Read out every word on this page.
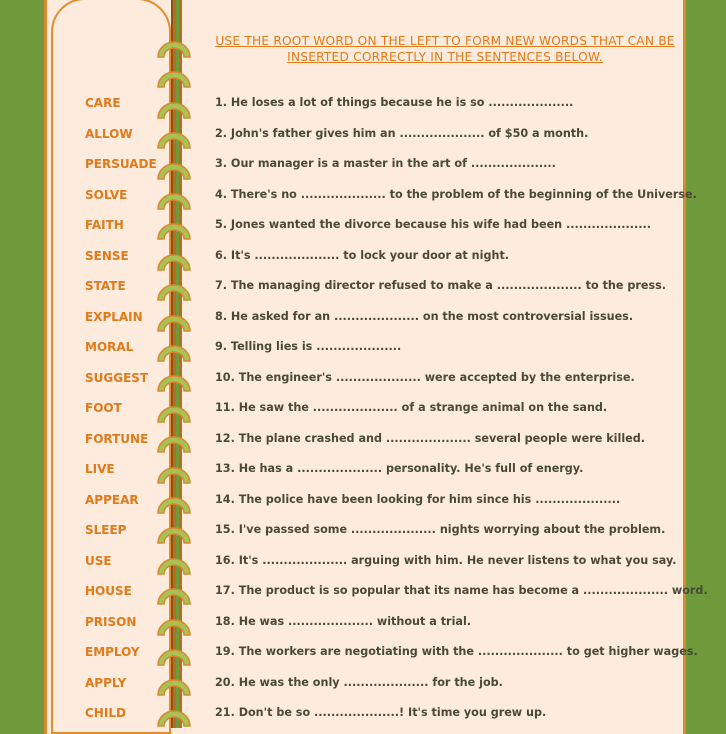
USE THE ROOT WORD ON THE LEFT TO FORM NEW WORDS THAT CAN BE
INSERTED CORRECTLY IN THE SENTENCES BELOW.
CARE	1. He loses a lot of things because he is so ....................
ALLOW	2. John's father gives him an .................... of $50 a month.
PERSUADE	3. Our manager is a master in the art of ....................
SOLVE	4. There's no .................... to the problem of the beginning of the Universe.
FAITH	5. Jones wanted the divorce because his wife had been ....................
SENSE	6. It's .................... to lock your door at night.
STATE	7. The managing director refused to make a .................... to the press.
EXPLAIN	8. He asked for an .................... on the most controversial issues.
MORAL	9. Telling lies is ....................
SUGGEST	10. The engineer's .................... were accepted by the enterprise.
FOOT	11. He saw the .................... of a strange animal on the sand.
FORTUNE	12. The plane crashed and .................... several people were killed.
LIVE	13. He has a .................... personality. He's full of energy.
APPEAR	14. The police have been looking for him since his ....................
SLEEP	15. I've passed some .................... nights worrying about the problem.
USE	16. It's .................... arguing with him. He never listens to what you say.
HOUSE	17. The product is so popular that its name has become a .................... word.
PRISON	18. He was .................... without a trial.
EMPLOY	19. The workers are negotiating with the .................... to get higher wages.
APPLY	20. He was the only .................... for the job.
CHILD	21. Don't be so ....................! It's time you grew up.
